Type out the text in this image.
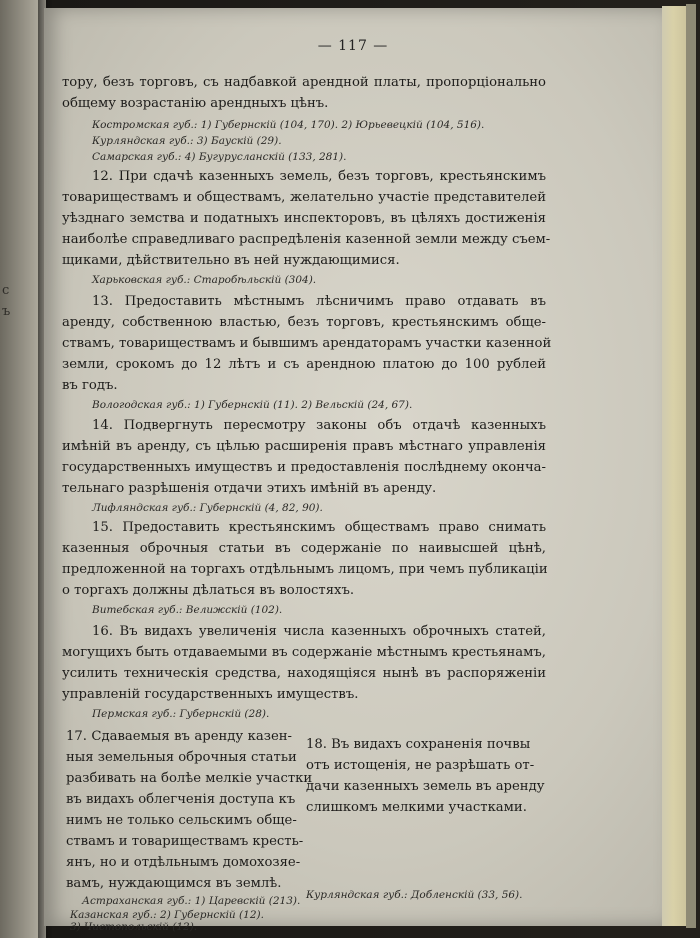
c
ъ
— 117 —
тору, безъ торговъ, съ надбавкой арендной платы, пропорціонально
общему возрастанію арендныхъ цѣнъ.
Костромская губ.: 1) Губернскій (104, 170). 2) Юрьевецкій (104, 516).
Курляндская губ.: 3) Баускій (29).
Самарская губ.: 4) Бугурусланскій (133, 281).
12. При сдачѣ казенныхъ земель, безъ торговъ, крестьянскимъ
товариществамъ и обществамъ, желательно участіе представителей
уѣзднаго земства и податныхъ инспекторовъ, въ цѣляхъ достиженія
наиболѣе справедливаго распредѣленія казенной земли между съем-
щиками, дѣйствительно въ ней нуждающимися.
Харьковская губ.: Старобѣльскій (304).
13. Предоставить мѣстнымъ лѣсничимъ право отдавать въ
аренду, собственною властью, безъ торговъ, крестьянскимъ обще-
ствамъ, товариществамъ и бывшимъ арендаторамъ участки казенной
земли, срокомъ до 12 лѣтъ и съ арендною платою до 100 рублей
въ годъ.
Вологодская губ.: 1) Губернскій (11). 2) Вельскій (24, 67).
14. Подвергнуть пересмотру законы объ отдачѣ казенныхъ
имѣній въ аренду, съ цѣлью расширенія правъ мѣстнаго управленія
государственныхъ имуществъ и предоставленія послѣднему оконча-
тельнаго разрѣшенія отдачи этихъ имѣній въ аренду.
Лифляндская губ.: Губернскій (4, 82, 90).
15. Предоставить крестьянскимъ обществамъ право снимать
казенныя оброчныя статьи въ содержаніе по наивысшей цѣнѣ,
предложенной на торгахъ отдѣльнымъ лицомъ, при чемъ публикаціи
о торгахъ должны дѣлаться въ волостяхъ.
Витебская губ.: Велижскій (102).
16. Въ видахъ увеличенія числа казенныхъ оброчныхъ статей,
могущихъ быть отдаваемыми въ содержаніе мѣстнымъ крестьянамъ,
усилить техническія средства, находящіяся нынѣ въ распоряженіи
управленій государственныхъ имуществъ.
Пермская губ.: Губернскій (28).
17. Сдаваемыя въ аренду казен-
ныя земельныя оброчныя статьи
разбивать на болѣе мелкіе участки
въ видахъ облегченія доступа къ
нимъ не только сельскимъ обще-
ствамъ и товариществамъ кресть-
янъ, но и отдѣльнымъ домохозяе-
вамъ, нуждающимся въ землѣ.
Астраханская губ.: 1) Царевскій (213).
Казанская губ.: 2) Губернскій (12).
3) Чистопольскій (12).
18. Въ видахъ сохраненія почвы
отъ истощенія, не разрѣшать от-
дачи казенныхъ земель въ аренду
слишкомъ мелкими участками.
Курляндская губ.: Добленскій (33, 56).
